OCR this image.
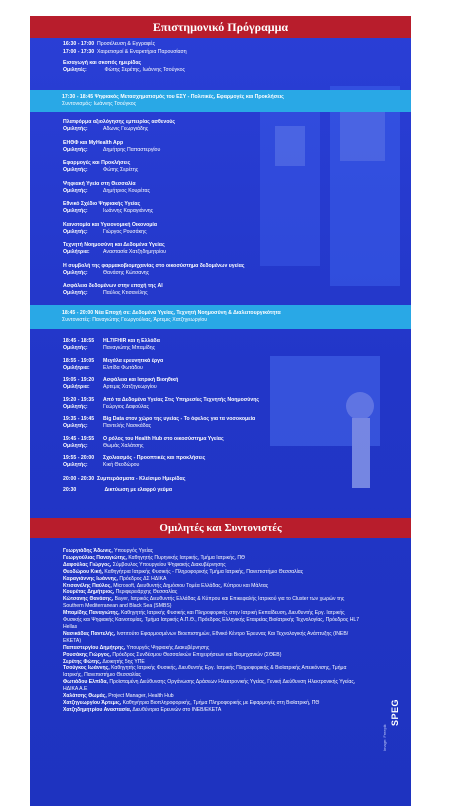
Επιστημονικό Πρόγραμμα
16:30 - 17:00 Προσέλευση & Εγγραφές
17:00 - 17:30 Χαιρετισμοί & Εναρκτήρια Παρουσίαση
Εισαγωγή και σκοπός ημερίδας
Ομιλητές:	Φώτης Σερέτης, Ιωάννης Τσούγκος
17:30 - 18:45 Ψηφιακός Μετασχηματισμός του ΕΣΥ - Πολιτικές, Εφαρμογές και Προκλήσεις
Συντονισμός: Ιωάννης Τσούγκος
Πλατφόρμα αξιολόγησης εμπειρίας ασθενούς
Ομιλητής:	Αδωνις Γεωργιάδης
ΕΗΘΦ και MyHealth App
Ομιλητής:	Δημήτρης Παπαστεργίου
Εφαρμογές και Προκλήσεις
Ομιλητής:	Φώτης Σερέτης
Ψηφιακή Υγεία στη Θεσσαλία
Ομιλητής:	Δημήτριος Κουρέτας
Εθνικό Σχέδιο Ψηφιακής Υγείας
Ομιλητής:	Ιωάννης Καραγιάννης
Καινοτομία και Υγειονομική Οικονομία
Ομιλητής:	Γιώργος Ρουσάκης
Τεχνητή Νοημοσύνη και Δεδομένα Υγείας
Ομιλήτρια:	Αναστασία Χατζηδημητρίου
Η συμβολή της φαρμακοβιομηχανίας στο οικοσύστημα δεδομένων υγείας
Ομιλητής:	Θανάσης Κώτσανης
Ασφάλεια δεδομένων στην εποχή της AI
Ομιλητής:	Παύλος Κτισανέλης
18:45 - 20:00 Νέα Εποχή σε: Δεδομένα Υγείας, Τεχνητή Νοημοσύνη & Διαλειτουργικότητα
Συντονιστές: Παναγιώτης Γεωργούλιας, Άρτεμις Χατζηγεωργίου
18:45 - 18:55 HL7/FHIR και η Ελλάδα
Ομιλητής:	Παναγιώτης Μπαμίδης
18:55 - 19:05 Μεγάλα ερευνητικά έργα
Ομιλήτρια:	Ελπίδα Φωτάδου
19:05 - 19:20 Ασφάλεια και Ιατρική Βιοηθική
Ομιλήτρια:	Αρτεμις Χατζηγεωργίου
19:20 - 19:35 Από τα Δεδομένα Υγείας Στις Υπηρεσίες Τεχνητής Νοημοσύνης
Ομιλητής:	Γεώργιος Δαφούλας
19:35 - 19:45 Big Data στον χώρο της υγείας - Το όφελος για τα νοσοκομεία
Ομιλητής:	Παντελής Νασικάδας
19:45 - 19:55 Ο ρόλος του Health Hub στο οικοσύστημα Υγείας
Ομιλητής:	Θωμάς Χαλάτσης
19:55 - 20:00 Σχολιασμός - Προοπτικές και προκλήσεις
Ομιλητής:	Κική Θεοδώρου
20:00 - 20:30 Συμπεράσματα - Κλείσιμο Ημερίδας
20:30	Δικτύωση με ελαφρύ γεύμα
Ομιλητές και Συντονιστές
Γεωργιάδης Άδωνις, Υπουργός Υγείας
Γεωργούλιας Παναγιώτης, Καθηγητής Πυρηνικής Ιατρικής, Τμήμα Ιατρικής, ΠΘ
Δαφούλας Γιώργος, Σύμβουλος Υπουργείου Ψηφιακής Διακυβέρνησης
Θεοδώρου Κική, Καθηγήτρια Ιατρικής Φυσικής - Πληροφορικής Τμήμα Ιατρικής, Πανεπιστήμιο Θεσσαλίας
Καραγιάννης Ιωάννης, Πρόεδρος ΔΣ ΗΔΙΚΑ
Κτισανέλης Παύλος, Microsoft, Διευθυντής Δημόσιου Τομέα Ελλάδας, Κύπρου και Μάλτας
Κουρέτας Δημήτριος, Περιφερειάρχης Θεσσαλίας
Κώτσανης Θανάσης, Bayer, Ιατρικός Διευθυντής Ελλάδας & Κύπρου και Επικεφαλής Ιατρικού για το Cluster των χωρών της Southern Mediterranean and Black Sea (SMBS)
Μπαμίδης Παναγιώτης, Καθηγητής Ιατρικής Φυσικής και Πληροφορικής στην Ιατρική Εκπαίδευση, Διευθυντής Εργ. Ιατρικής Φυσικής και Ψηφιακής Καινοτομίας, Τμήμα Ιατρικής Α.Π.Θ., Πρόεδρος Ελληνικής Εταιρείας Βιοϊατρικής Τεχνολογίας, Πρόεδρος HL7 Hellas
Νασικάδας Παντελής, Ινστιτούτο Εφαρμοσμένων Βιοεπιστημών, Εθνικό Κέντρο Έρευνας Και Τεχνολογικής Ανάπτυξης (INEB/ΕΚΕΤΑ)
Παπαστεργίου Δημήτρης, Υπουργός Ψηφιακής Διακυβέρνησης
Ρουσάκης Γιώργος, Πρόεδρος Συνδέσμου Θεσσαλικών Επιχειρήσεων και Βιομηχανιών (ΣΘΕΒ)
Σερέτης Φώτης, Διοικητής 5ης ΥΠΕ
Τσούγκος Ιωάννης, Καθηγητής Ιατρικής Φυσικής, Διευθυντής Εργ. Ιατρικής Πληροφορικής & Βιοϊατρικής Απεικόνισης, Τμήμα Ιατρικής, Πανεπιστήμιο Θεσσαλίας
Φωτιάδου Ελπίδα, Προϊσταμένη Διεύθυνσης Οργάνωσης Δράσεων Ηλεκτρονικής Υγείας, Γενική Διεύθυνση Ηλεκτρονικής Υγείας, ΗΔΙΚΑ Α.Ε
Χαλάτσης Θωμάς, Project Manager, Health Hub
Χατζηγεωργίου Άρτεμις, Καθηγήτρια Βιοπληροφορικής, Τμήμα Πληροφορικής με Εφαρμογές στη Βιοϊατρική, ΠΘ
Χατζηδημητρίου Αναστασία, Διευθύντρια Ερευνών στο INEB/ΕΚΕΤΑ	SPEG
Image: Freepik
